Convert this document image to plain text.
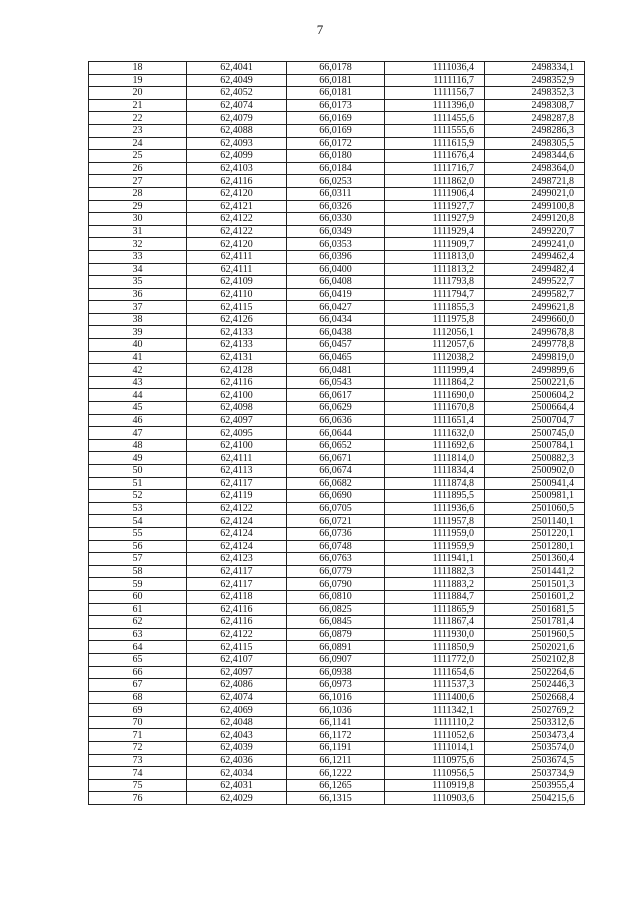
7
18	62,4041	66,0178	1111036,4	2498334,1
19	62,4049	66,0181	1111116,7	2498352,9
20	62,4052	66,0181	1111156,7	2498352,3
21	62,4074	66,0173	1111396,0	2498308,7
22	62,4079	66,0169	1111455,6	2498287,8
23	62,4088	66,0169	1111555,6	2498286,3
24	62,4093	66,0172	1111615,9	2498305,5
25	62,4099	66,0180	1111676,4	2498344,6
26	62,4103	66,0184	1111716,7	2498364,0
27	62,4116	66,0253	1111862,0	2498721,8
28	62,4120	66,0311	1111906,4	2499021,0
29	62,4121	66,0326	1111927,7	2499100,8
30	62,4122	66,0330	1111927,9	2499120,8
31	62,4122	66,0349	1111929,4	2499220,7
32	62,4120	66,0353	1111909,7	2499241,0
33	62,4111	66,0396	1111813,0	2499462,4
34	62,4111	66,0400	1111813,2	2499482,4
35	62,4109	66,0408	1111793,8	2499522,7
36	62,4110	66,0419	1111794,7	2499582,7
37	62,4115	66,0427	1111855,3	2499621,8
38	62,4126	66,0434	1111975,8	2499660,0
39	62,4133	66,0438	1112056,1	2499678,8
40	62,4133	66,0457	1112057,6	2499778,8
41	62,4131	66,0465	1112038,2	2499819,0
42	62,4128	66,0481	1111999,4	2499899,6
43	62,4116	66,0543	1111864,2	2500221,6
44	62,4100	66,0617	1111690,0	2500604,2
45	62,4098	66,0629	1111670,8	2500664,4
46	62,4097	66,0636	1111651,4	2500704,7
47	62,4095	66,0644	1111632,0	2500745,0
48	62,4100	66,0652	1111692,6	2500784,1
49	62,4111	66,0671	1111814,0	2500882,3
50	62,4113	66,0674	1111834,4	2500902,0
51	62,4117	66,0682	1111874,8	2500941,4
52	62,4119	66,0690	1111895,5	2500981,1
53	62,4122	66,0705	1111936,6	2501060,5
54	62,4124	66,0721	1111957,8	2501140,1
55	62,4124	66,0736	1111959,0	2501220,1
56	62,4124	66,0748	1111959,9	2501280,1
57	62,4123	66,0763	1111941,1	2501360,4
58	62,4117	66,0779	1111882,3	2501441,2
59	62,4117	66,0790	1111883,2	2501501,3
60	62,4118	66,0810	1111884,7	2501601,2
61	62,4116	66,0825	1111865,9	2501681,5
62	62,4116	66,0845	1111867,4	2501781,4
63	62,4122	66,0879	1111930,0	2501960,5
64	62,4115	66,0891	1111850,9	2502021,6
65	62,4107	66,0907	1111772,0	2502102,8
66	62,4097	66,0938	1111654,6	2502264,6
67	62,4086	66,0973	1111537,3	2502446,3
68	62,4074	66,1016	1111400,6	2502668,4
69	62,4069	66,1036	1111342,1	2502769,2
70	62,4048	66,1141	1111110,2	2503312,6
71	62,4043	66,1172	1111052,6	2503473,4
72	62,4039	66,1191	1111014,1	2503574,0
73	62,4036	66,1211	1110975,6	2503674,5
74	62,4034	66,1222	1110956,5	2503734,9
75	62,4031	66,1265	1110919,8	2503955,4
76	62,4029	66,1315	1110903,6	2504215,6
